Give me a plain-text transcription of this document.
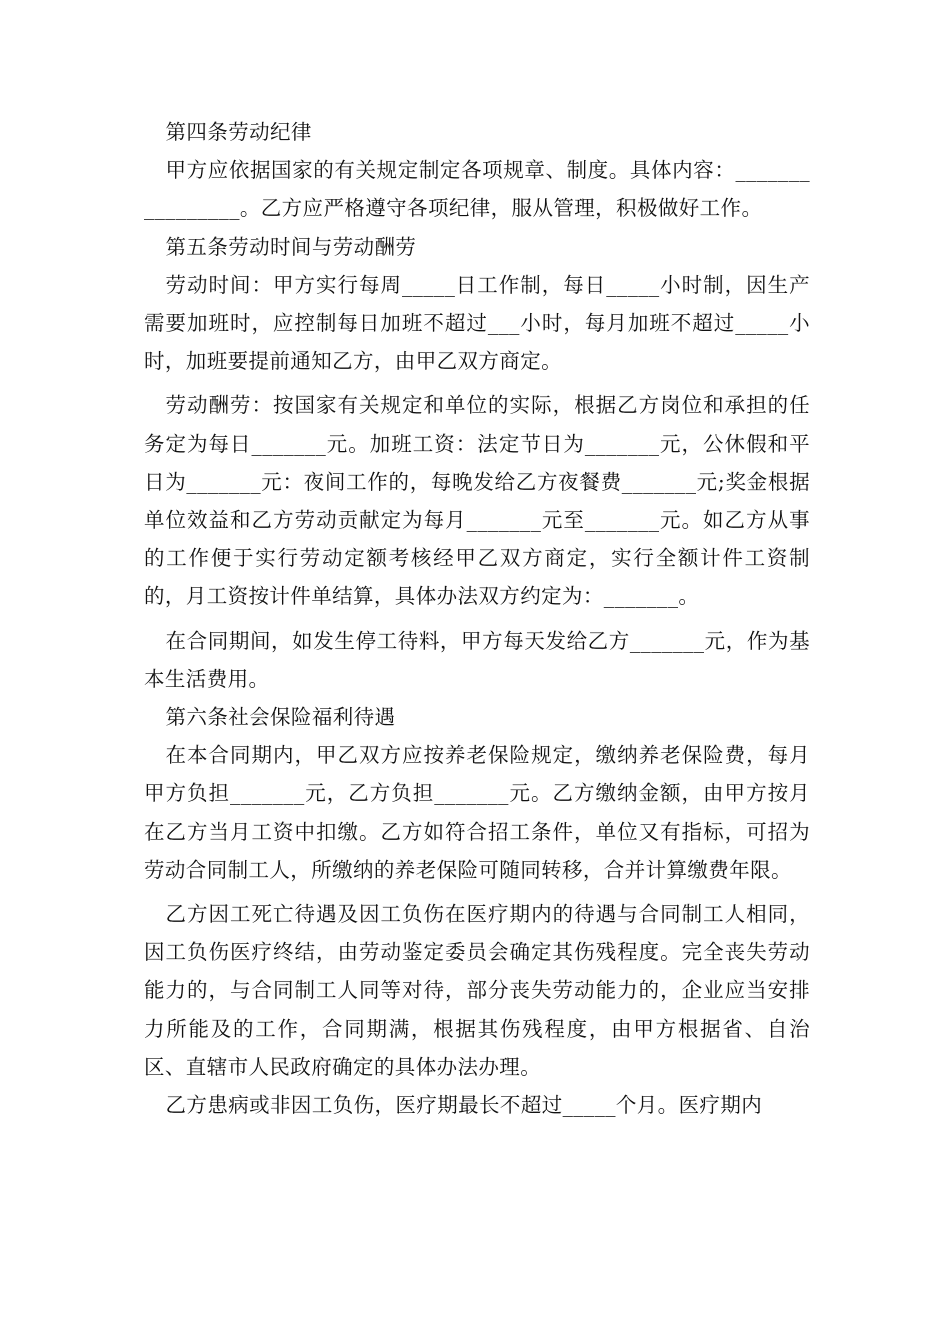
第四条劳动纪律

甲方应依据国家的有关规定制定各项规章、制度。具体内容：________________。乙方应严格遵守各项纪律，服从管理，积极做好工作。

第五条劳动时间与劳动酬劳

劳动时间：甲方实行每周_____日工作制，每日_____小时制，因生产需要加班时，应控制每日加班不超过___小时，每月加班不超过_____小时，加班要提前通知乙方，由甲乙双方商定。

劳动酬劳：按国家有关规定和单位的实际，根据乙方岗位和承担的任务定为每日_______元。加班工资：法定节日为_______元，公休假和平日为_______元：夜间工作的，每晚发给乙方夜餐费_______元;奖金根据单位效益和乙方劳动贡献定为每月_______元至_______元。如乙方从事的工作便于实行劳动定额考核经甲乙双方商定，实行全额计件工资制的，月工资按计件单结算，具体办法双方约定为：_______。

在合同期间，如发生停工待料，甲方每天发给乙方_______元，作为基本生活费用。

第六条社会保险福利待遇

在本合同期内，甲乙双方应按养老保险规定，缴纳养老保险费，每月甲方负担_______元，乙方负担_______元。乙方缴纳金额，由甲方按月在乙方当月工资中扣缴。乙方如符合招工条件，单位又有指标，可招为劳动合同制工人，所缴纳的养老保险可随同转移，合并计算缴费年限。

乙方因工死亡待遇及因工负伤在医疗期内的待遇与合同制工人相同，因工负伤医疗终结，由劳动鉴定委员会确定其伤残程度。完全丧失劳动能力的，与合同制工人同等对待，部分丧失劳动能力的，企业应当安排力所能及的工作，合同期满，根据其伤残程度，由甲方根据省、自治区、直辖市人民政府确定的具体办法办理。

乙方患病或非因工负伤，医疗期最长不超过_____个月。医疗期内
